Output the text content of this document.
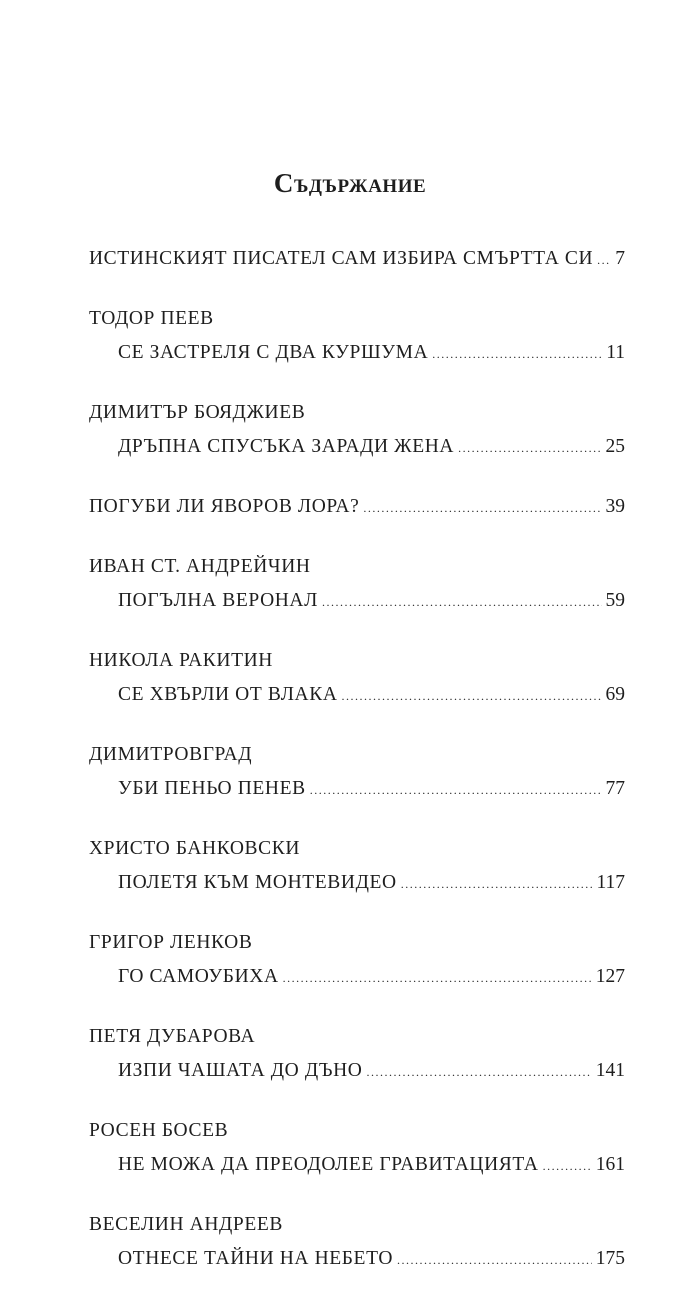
Съдържание
ИСТИНСКИЯТ ПИСАТЕЛ САМ ИЗБИРА СМЪРТТА СИ ..... 7
ТОДОР ПЕЕВ
СЕ ЗАСТРЕЛЯ С ДВА КУРШУМА .....	11
ДИМИТЪР БОЯДЖИЕВ
ДРЪПНА СПУСЪКА ЗАРАДИ ЖЕНА .....	25
ПОГУБИ ЛИ ЯВОРОВ ЛОРА? .....	39
ИВАН СТ. АНДРЕЙЧИН
ПОГЪЛНА ВЕРОНАЛ .....	59
НИКОЛА РАКИТИН
СЕ ХВЪРЛИ ОТ ВЛАКА .....	69
ДИМИТРОВГРАД
УБИ ПЕНЬО ПЕНЕВ .....	77
ХРИСТО БАНКОВСКИ
ПОЛЕТЯ КЪМ МОНТЕВИДЕО .....	117
ГРИГОР ЛЕНКОВ
ГО САМОУБИХА .....	127
ПЕТЯ ДУБАРОВА
ИЗПИ ЧАШАТА ДО ДЪНО .....	141
РОСЕН БОСЕВ
НЕ МОЖА ДА ПРЕОДОЛЕЕ ГРАВИТАЦИЯТА .....	161
ВЕСЕЛИН АНДРЕЕВ
ОТНЕСЕ ТАЙНИ НА НЕБЕТО .....	175
